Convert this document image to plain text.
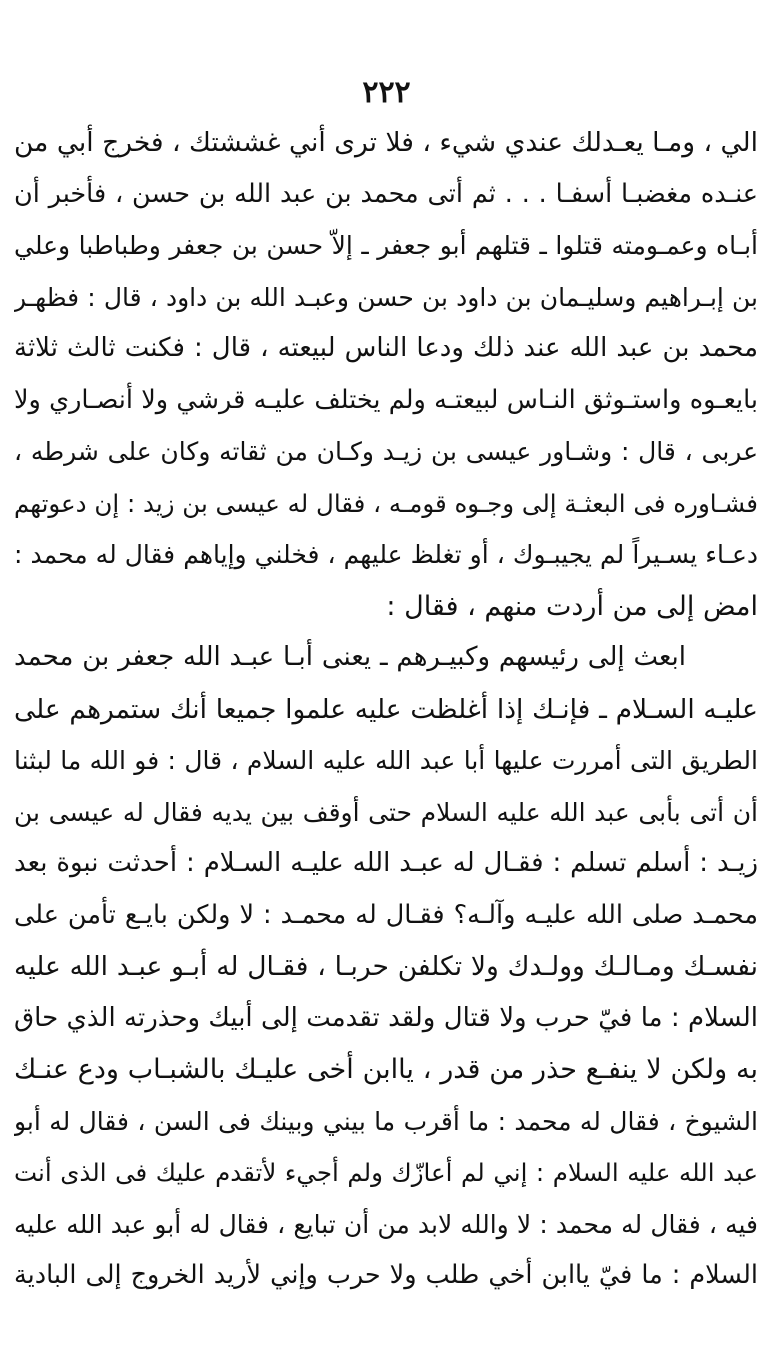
٢٢٢
الي ، ومـا يعـدلك عندي شيء ، فلا ترى أني غششتك ، فخرج أبي من
عنـده مغضبـا أسفـا . . . ثم أتى محمد بن عبد الله بن حسن ، فأخبر أن
أبـاه وعمـومته قتلوا ـ قتلهم أبو جعفر ـ إلاّ حسن بن جعفر وطباطبا وعلي
بن إبـراهيم وسليـمان بن داود بن حسن وعبـد الله بن داود ، قال : فظهـر
محمد بن عبد الله عند ذلك ودعا الناس لبيعته ، قال : فكنت ثالث ثلاثة
بايعـوه واستـوثق النـاس لبيعتـه ولم يختلف عليـه قرشي ولا أنصـاري ولا
عربى ، قال : وشـاور عيسى بن زيـد وكـان من ثقاته وكان على شرطه ،
فشـاوره فى البعثـة إلى وجـوه قومـه ، فقال له عيسى بن زيد : إن دعوتهم
دعـاء يسـيراً لم يجيبـوك ، أو تغلظ عليهم ، فخلني وإياهم فقال له محمد :
امض إلى من أردت منهم ، فقال :
ابعث إلى رئيسهم وكبيـرهم ـ يعنى أبـا عبـد الله جعفر بن محمد
عليـه السـلام ـ فإنـك إذا أغلظت عليه علموا جميعا أنك ستمرهم على
الطريق التى أمررت عليها أبا عبد الله عليه السلام ، قال : فو الله ما لبثنا
أن أتى بأبى عبد الله عليه السلام حتى أوقف بين يديه فقال له عيسى بن
زيـد : أسلم تسلم : فقـال له عبـد الله عليـه السـلام : أحدثت نبوة بعد
محمـد صلى الله عليـه وآلـه؟ فقـال له محمـد : لا ولكن بايـع تأمن على
نفسـك ومـالـك وولـدك ولا تكلفن حربـا ، فقـال له أبـو عبـد الله عليه
السلام : ما فيّ حرب ولا قتال ولقد تقدمت إلى أبيك وحذرته الذي حاق
به ولكن لا ينفـع حذر من قدر ، ياابن أخى عليـك بالشبـاب ودع عنـك
الشيوخ ، فقال له محمد : ما أقرب ما بيني وبينك فى السن ، فقال له أبو
عبد الله عليه السلام : إني لم أعازّك ولم أجيء لأتقدم عليك فى الذى أنت
فيه ، فقال له محمد : لا والله لابد من أن تبايع ، فقال له أبو عبد الله عليه
السلام : ما فيّ ياابن أخي طلب ولا حرب وإني لأريد الخروج إلى البادية
